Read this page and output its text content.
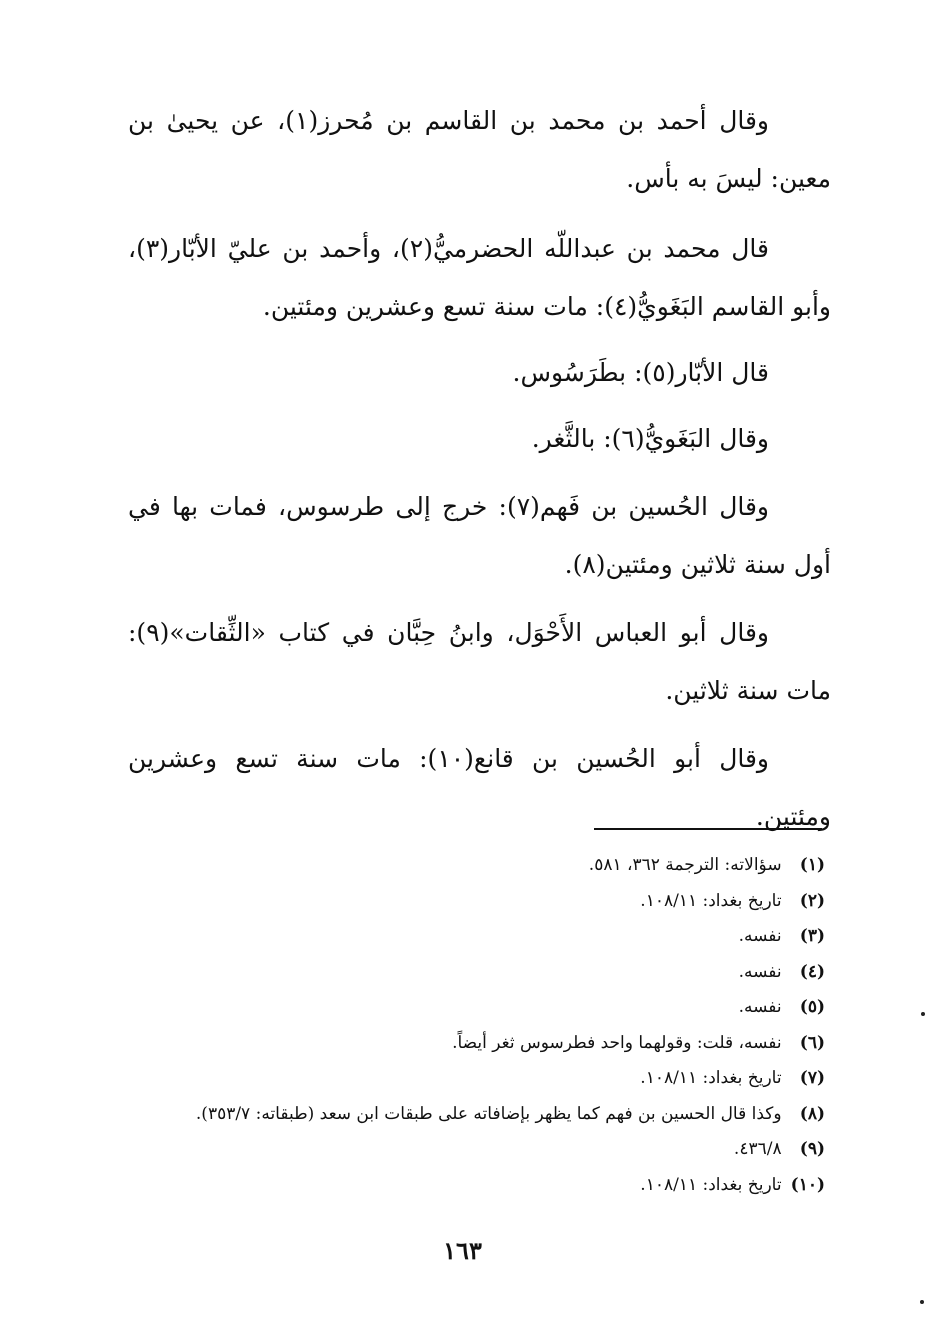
وقال أحمد بن محمد بن القاسم بن مُحرز(١)، عن يحيىٰ بن معين: ليسَ به بأس.

قال محمد بن عبداللّه الحضرميُّ(٢)، وأحمد بن عليّ الأبّار(٣)، وأبو القاسم البَغَويُّ(٤): مات سنة تسع وعشرين ومئتين.

قال الأبّار(٥): بطَرَسُوس.

وقال البَغَويُّ(٦): بالثَّغر.

وقال الحُسين بن فَهم(٧): خرج إلى طرسوس، فمات بها في أول سنة ثلاثين ومئتين(٨).

وقال أبو العباس الأَحْوَل، وابنُ حِبَّان في كتاب «الثِّقات»(٩): مات سنة ثلاثين.

وقال أبو الحُسين بن قانع(١٠): مات سنة تسع وعشرين ومئتين.

(١) سؤالاته: الترجمة ٣٦٢، ٥٨١.
(٢) تاريخ بغداد: ١٠٨/١١.
(٣) نفسه.
(٤) نفسه.
(٥) نفسه.
(٦) نفسه، قلت: وقولهما واحد فطرسوس ثغر أيضاً.
(٧) تاريخ بغداد: ١٠٨/١١.
(٨) وكذا قال الحسين بن فهم كما يظهر بإضافاته على طبقات ابن سعد (طبقاته: ٣٥٣/٧).
(٩) ٤٣٦/٨.
(١٠) تاريخ بغداد: ١٠٨/١١.
١٦٣
